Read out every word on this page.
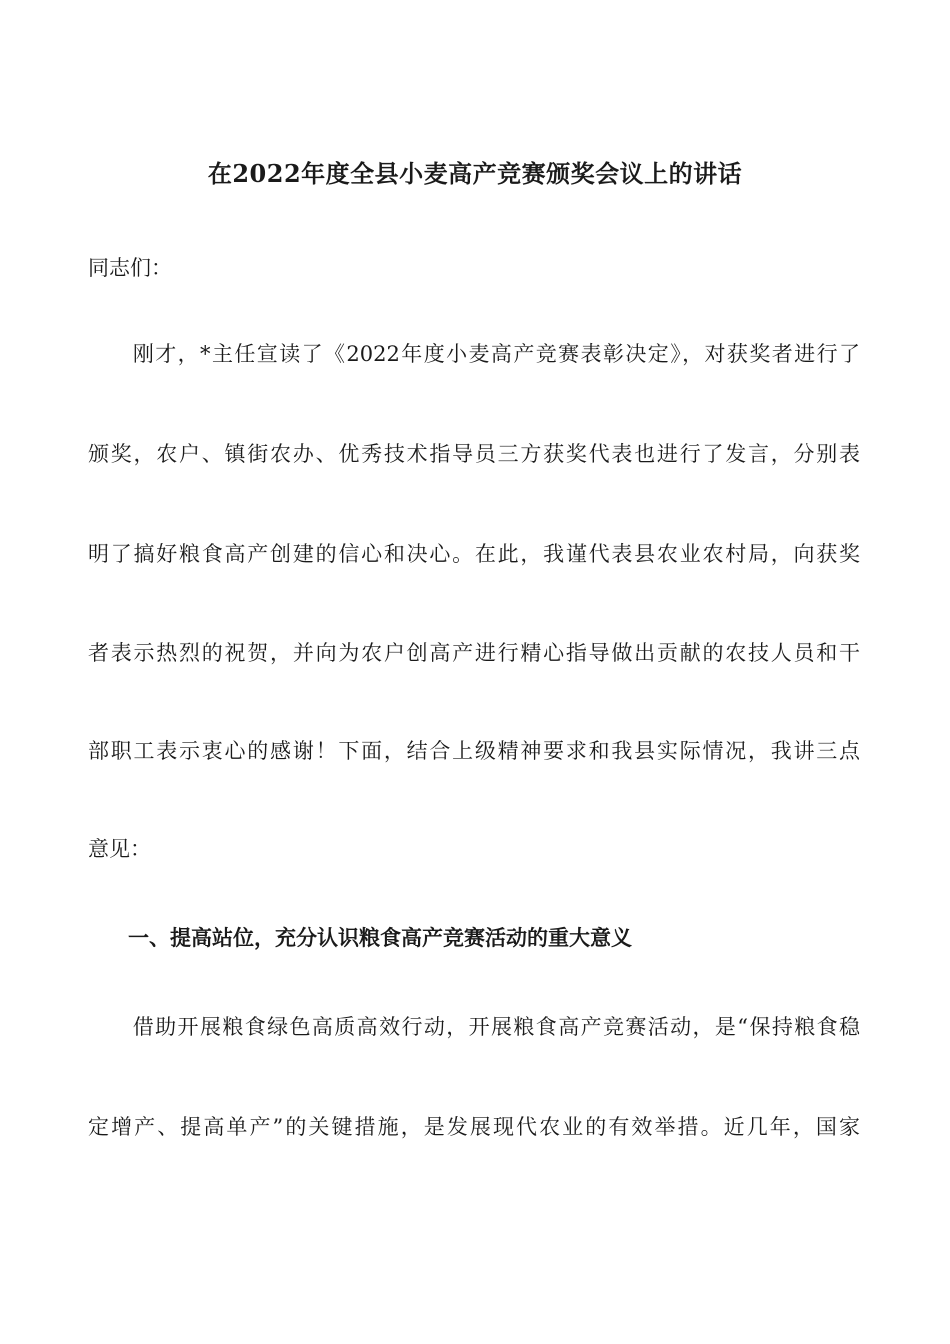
在2022年度全县小麦高产竞赛颁奖会议上的讲话
同志们：
　　刚才，*主任宣读了《2022年度小麦高产竞赛表彰决定》，对获奖者进行了
颁奖，农户、镇街农办、优秀技术指导员三方获奖代表也进行了发言，分别表
明了搞好粮食高产创建的信心和决心。在此，我谨代表县农业农村局，向获奖
者表示热烈的祝贺，并向为农户创高产进行精心指导做出贡献的农技人员和干
部职工表示衷心的感谢！下面，结合上级精神要求和我县实际情况，我讲三点
意见：
一、提高站位，充分认识粮食高产竞赛活动的重大意义
　　借助开展粮食绿色高质高效行动，开展粮食高产竞赛活动，是“保持粮食稳
定增产、提高单产”的关键措施，是发展现代农业的有效举措。近几年，国家
